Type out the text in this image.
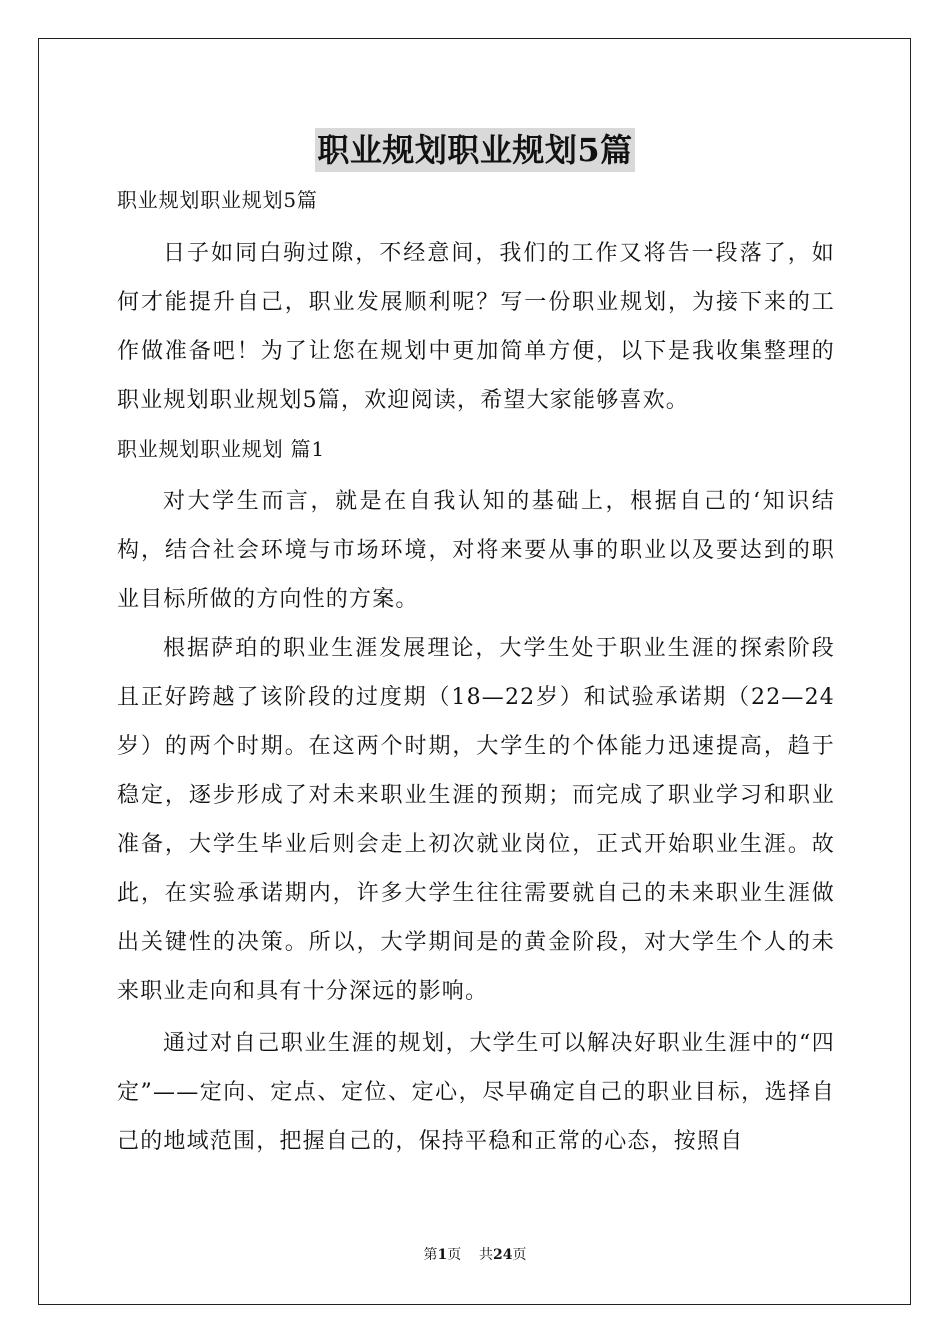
职业规划职业规划5篇
职业规划职业规划5篇
日子如同白驹过隙，不经意间，我们的工作又将告一段落了，如何才能提升自己，职业发展顺利呢？写一份职业规划，为接下来的工作做准备吧！为了让您在规划中更加简单方便，以下是我收集整理的职业规划职业规划5篇，欢迎阅读，希望大家能够喜欢。
职业规划职业规划 篇1
对大学生而言，就是在自我认知的基础上，根据自己的‘知识结构，结合社会环境与市场环境，对将来要从事的职业以及要达到的职业目标所做的方向性的方案。
根据萨珀的职业生涯发展理论，大学生处于职业生涯的探索阶段且正好跨越了该阶段的过度期（18—22岁）和试验承诺期（22—24岁）的两个时期。在这两个时期，大学生的个体能力迅速提高，趋于稳定，逐步形成了对未来职业生涯的预期；而完成了职业学习和职业准备，大学生毕业后则会走上初次就业岗位，正式开始职业生涯。故此，在实验承诺期内，许多大学生往往需要就自己的未来职业生涯做出关键性的决策。所以，大学期间是的黄金阶段，对大学生个人的未来职业走向和具有十分深远的影响。
通过对自己职业生涯的规划，大学生可以解决好职业生涯中的“四定”——定向、定点、定位、定心，尽早确定自己的职业目标，选择自己的地域范围，把握自己的，保持平稳和正常的心态，按照自
第1页 共24页
